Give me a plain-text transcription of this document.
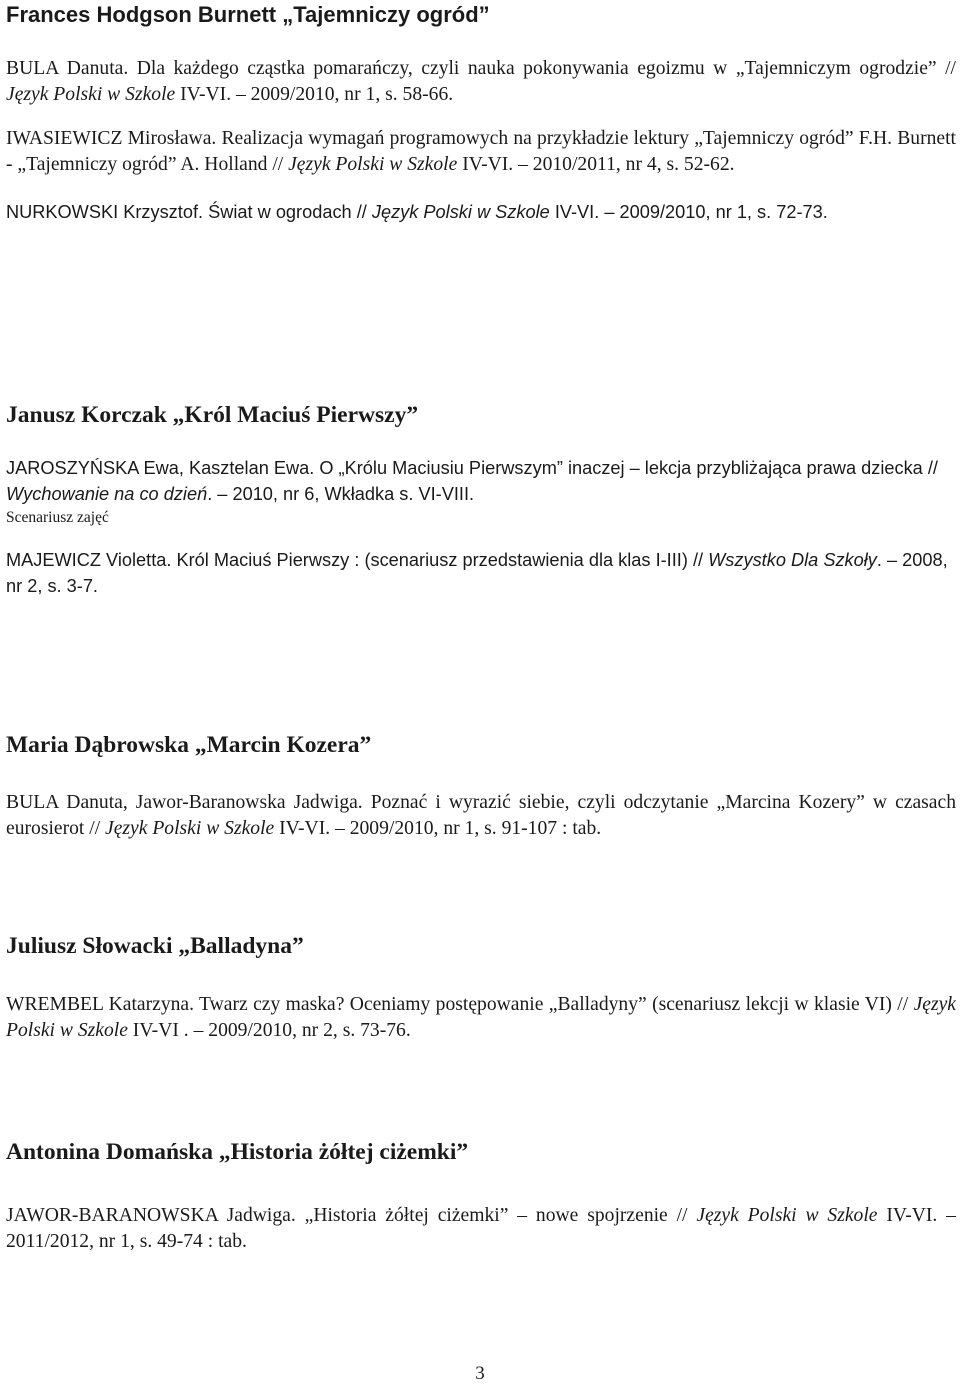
Frances Hodgson Burnett „Tajemniczy ogród”

BULA Danuta. Dla każdego cząstka pomarańczy, czyli nauka pokonywania egoizmu w „Tajemniczym ogrodzie” // Język Polski w Szkole IV-VI. – 2009/2010, nr 1, s. 58-66.

IWASIEWICZ Mirosława. Realizacja wymagań programowych na przykładzie lektury „Tajemniczy ogród” F.H. Burnett - „Tajemniczy ogród” A. Holland // Język Polski w Szkole IV-VI. – 2010/2011, nr 4, s. 52-62.

NURKOWSKI Krzysztof. Świat w ogrodach // Język Polski w Szkole IV-VI. – 2009/2010, nr 1, s. 72-73.

Janusz Korczak „Król Maciuś Pierwszy”

JAROSZYŃSKA Ewa, Kasztelan Ewa. O „Królu Maciusiu Pierwszym” inaczej – lekcja przybliżająca prawa dziecka // Wychowanie na co dzień. – 2010, nr 6, Wkładka s. VI-VIII.

Scenariusz zajęć

MAJEWICZ Violetta. Król Maciuś Pierwszy : (scenariusz przedstawienia dla klas I-III) // Wszystko Dla Szkoły. – 2008, nr 2, s. 3-7.

Maria Dąbrowska „Marcin Kozera”

BULA Danuta, Jawor-Baranowska Jadwiga. Poznać i wyrazić siebie, czyli odczytanie „Marcina Kozery” w czasach eurosierot // Język Polski w Szkole IV-VI. – 2009/2010, nr 1, s. 91-107 : tab.

Juliusz Słowacki „Balladyna”

WREMBEL Katarzyna. Twarz czy maska? Oceniamy postępowanie „Balladyny” (scenariusz lekcji w klasie VI) // Język Polski w Szkole IV-VI . – 2009/2010, nr 2, s. 73-76.

Antonina Domańska „Historia żółtej ciżemki”

JAWOR-BARANOWSKA Jadwiga. „Historia żółtej ciżemki” – nowe spojrzenie // Język Polski w Szkole IV-VI. – 2011/2012, nr 1, s. 49-74 : tab.

3
